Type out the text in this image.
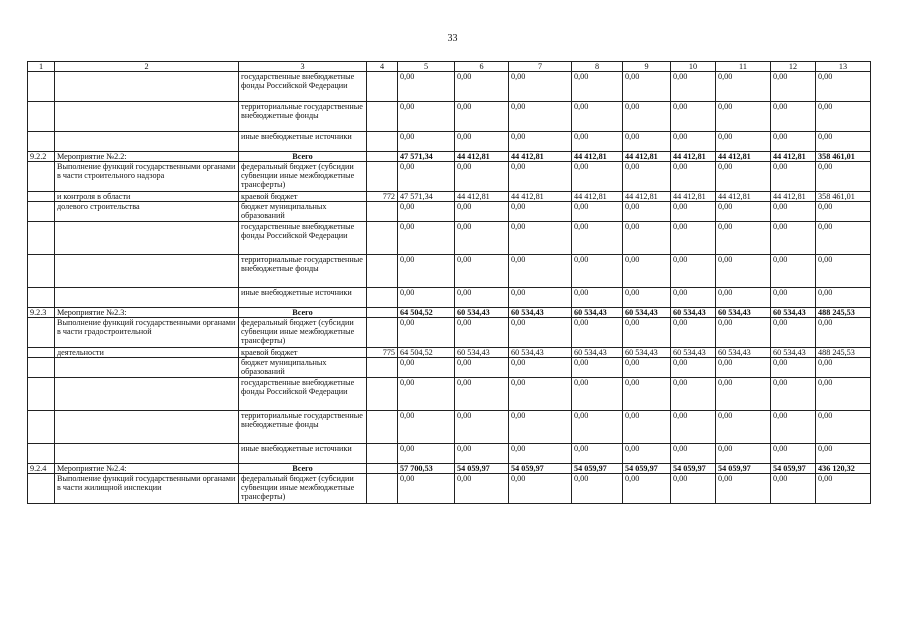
33
1	2	3	4	5	6	7	8	9	10	11	12	13
		государственные внебюджетные фонды Российской Федерации		0,00	0,00	0,00	0,00	0,00	0,00	0,00	0,00	0,00
		территориальные государственные внебюджетные фонды		0,00	0,00	0,00	0,00	0,00	0,00	0,00	0,00	0,00
		иные внебюджетные источники		0,00	0,00	0,00	0,00	0,00	0,00	0,00	0,00	0,00
9.2.2	Мероприятие №2.2:	Всего		47 571,34	44 412,81	44 412,81	44 412,81	44 412,81	44 412,81	44 412,81	44 412,81	358 461,01
	Выполнение функций государственными органами в части строительного надзора	федеральный бюджет (субсидии субвенции иные межбюджетные трансферты)		0,00	0,00	0,00	0,00	0,00	0,00	0,00	0,00	0,00
	и контроля в области	краевой бюджет	772	47 571,34	44 412,81	44 412,81	44 412,81	44 412,81	44 412,81	44 412,81	44 412,81	358 461,01
	долевого строительства	бюджет муниципальных образований		0,00	0,00	0,00	0,00	0,00	0,00	0,00	0,00	0,00
		государственные внебюджетные фонды Российской Федерации		0,00	0,00	0,00	0,00	0,00	0,00	0,00	0,00	0,00
		территориальные государственные внебюджетные фонды		0,00	0,00	0,00	0,00	0,00	0,00	0,00	0,00	0,00
		иные внебюджетные источники		0,00	0,00	0,00	0,00	0,00	0,00	0,00	0,00	0,00
9.2.3	Мероприятие №2.3:	Всего		64 504,52	60 534,43	60 534,43	60 534,43	60 534,43	60 534,43	60 534,43	60 534,43	488 245,53
	Выполнение функций государственными органами в части градостроительной	федеральный бюджет (субсидии субвенции иные межбюджетные трансферты)		0,00	0,00	0,00	0,00	0,00	0,00	0,00	0,00	0,00
	деятельности	краевой бюджет	775	64 504,52	60 534,43	60 534,43	60 534,43	60 534,43	60 534,43	60 534,43	60 534,43	488 245,53
		бюджет муниципальных образований		0,00	0,00	0,00	0,00	0,00	0,00	0,00	0,00	0,00
		государственные внебюджетные фонды Российской Федерации		0,00	0,00	0,00	0,00	0,00	0,00	0,00	0,00	0,00
		территориальные государственные внебюджетные фонды		0,00	0,00	0,00	0,00	0,00	0,00	0,00	0,00	0,00
		иные внебюджетные источники		0,00	0,00	0,00	0,00	0,00	0,00	0,00	0,00	0,00
9.2.4	Мероприятие №2.4:	Всего		57 700,53	54 059,97	54 059,97	54 059,97	54 059,97	54 059,97	54 059,97	54 059,97	436 120,32
	Выполнение функций государственными органами в части жилищной инспекции	федеральный бюджет (субсидии субвенции иные межбюджетные трансферты)		0,00	0,00	0,00	0,00	0,00	0,00	0,00	0,00	0,00
